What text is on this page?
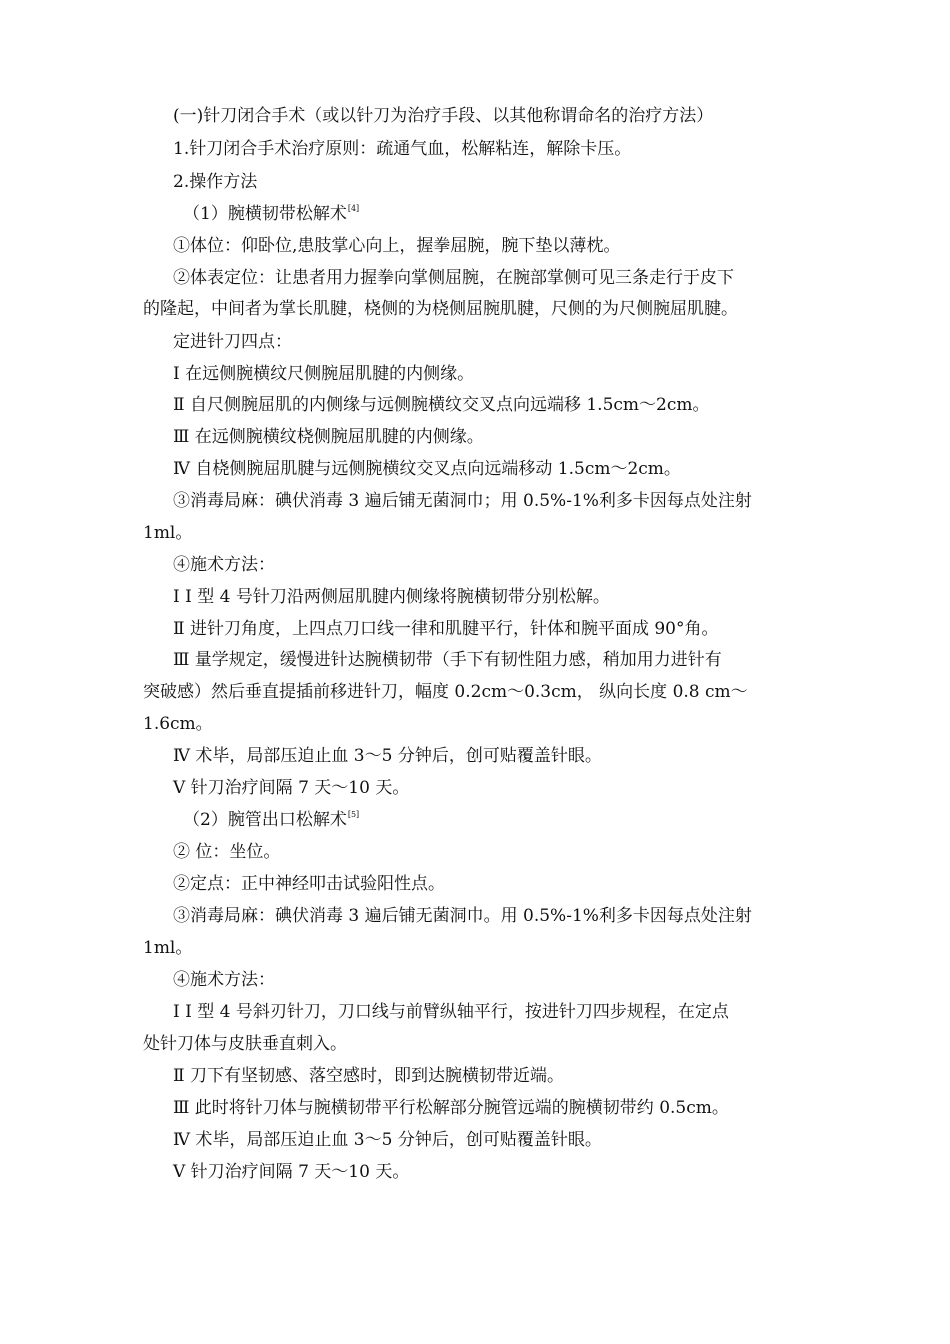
(一)针刀闭合手术（或以针刀为治疗手段、以其他称谓命名的治疗方法）
1.针刀闭合手术治疗原则：疏通气血，松解粘连，解除卡压。
2.操作方法
（1）腕横韧带松解术[4]
①体位：仰卧位,患肢掌心向上，握拳屈腕，腕下垫以薄枕。
②体表定位：让患者用力握拳向掌侧屈腕，在腕部掌侧可见三条走行于皮下
的隆起，中间者为掌长肌腱，桡侧的为桡侧屈腕肌腱，尺侧的为尺侧腕屈肌腱。
定进针刀四点：
Ⅰ 在远侧腕横纹尺侧腕屈肌腱的内侧缘。
Ⅱ 自尺侧腕屈肌的内侧缘与远侧腕横纹交叉点向远端移 1.5cm～2cm。
Ⅲ 在远侧腕横纹桡侧腕屈肌腱的内侧缘。
Ⅳ 自桡侧腕屈肌腱与远侧腕横纹交叉点向远端移动 1.5cm～2cm。
③消毒局麻：碘伏消毒 3 遍后铺无菌洞巾；用 0.5%-1%利多卡因每点处注射
1ml。
④施术方法：
Ⅰ I 型 4 号针刀沿两侧屈肌腱内侧缘将腕横韧带分别松解。
Ⅱ 进针刀角度，上四点刀口线一律和肌腱平行，针体和腕平面成 90°角。
Ⅲ 量学规定，缓慢进针达腕横韧带（手下有韧性阻力感，稍加用力进针有
突破感）然后垂直提插前移进针刀，幅度 0.2cm～0.3cm， 纵向长度 0.8 cm～
1.6cm。
Ⅳ 术毕，局部压迫止血 3～5 分钟后，创可贴覆盖针眼。
Ⅴ 针刀治疗间隔 7 天～10 天。
（2）腕管出口松解术[5]
② 位：坐位。
②定点：正中神经叩击试验阳性点。
③消毒局麻：碘伏消毒 3 遍后铺无菌洞巾。用 0.5%-1%利多卡因每点处注射
1ml。
④施术方法：
Ⅰ I 型 4 号斜刃针刀，刀口线与前臂纵轴平行，按进针刀四步规程，在定点
处针刀体与皮肤垂直刺入。
Ⅱ 刀下有坚韧感、落空感时，即到达腕横韧带近端。
Ⅲ 此时将针刀体与腕横韧带平行松解部分腕管远端的腕横韧带约 0.5cm。
Ⅳ 术毕，局部压迫止血 3～5 分钟后，创可贴覆盖针眼。
Ⅴ 针刀治疗间隔 7 天～10 天。
